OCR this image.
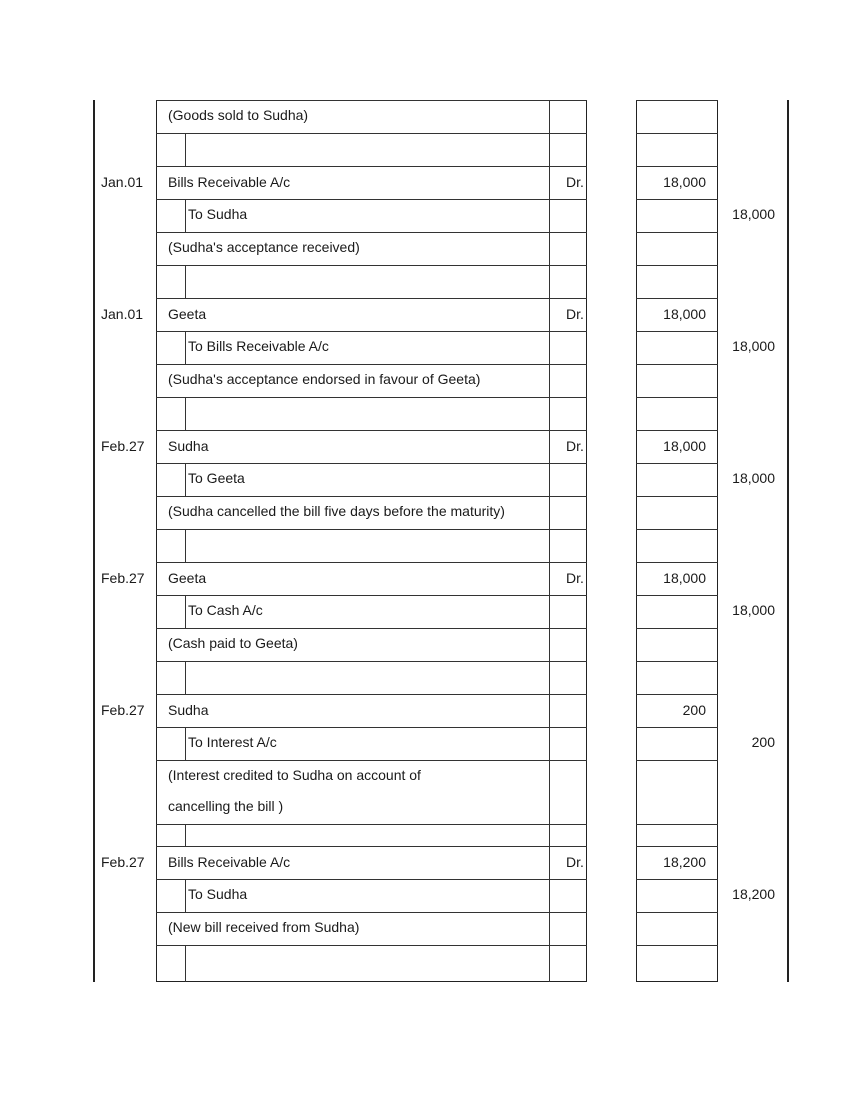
(Goods sold to Sudha)
Jan.01 Bills Receivable A/c	Dr.	18,000
To Sudha	18,000
(Sudha's acceptance received)
Jan.01 Geeta	Dr.	18,000
To Bills Receivable A/c	18,000
(Sudha's acceptance endorsed in favour of Geeta)
Feb.27 Sudha	Dr.	18,000
To Geeta	18,000
(Sudha cancelled the bill five days before the maturity)
Feb.27 Geeta	Dr.	18,000
To Cash A/c	18,000
(Cash paid to Geeta)
Feb.27 Sudha	200
To Interest A/c	200
(Interest credited to Sudha on account of
cancelling the bill )
Feb.27 Bills Receivable A/c	Dr.	18,200
To Sudha	18,200
(New bill received from Sudha)
